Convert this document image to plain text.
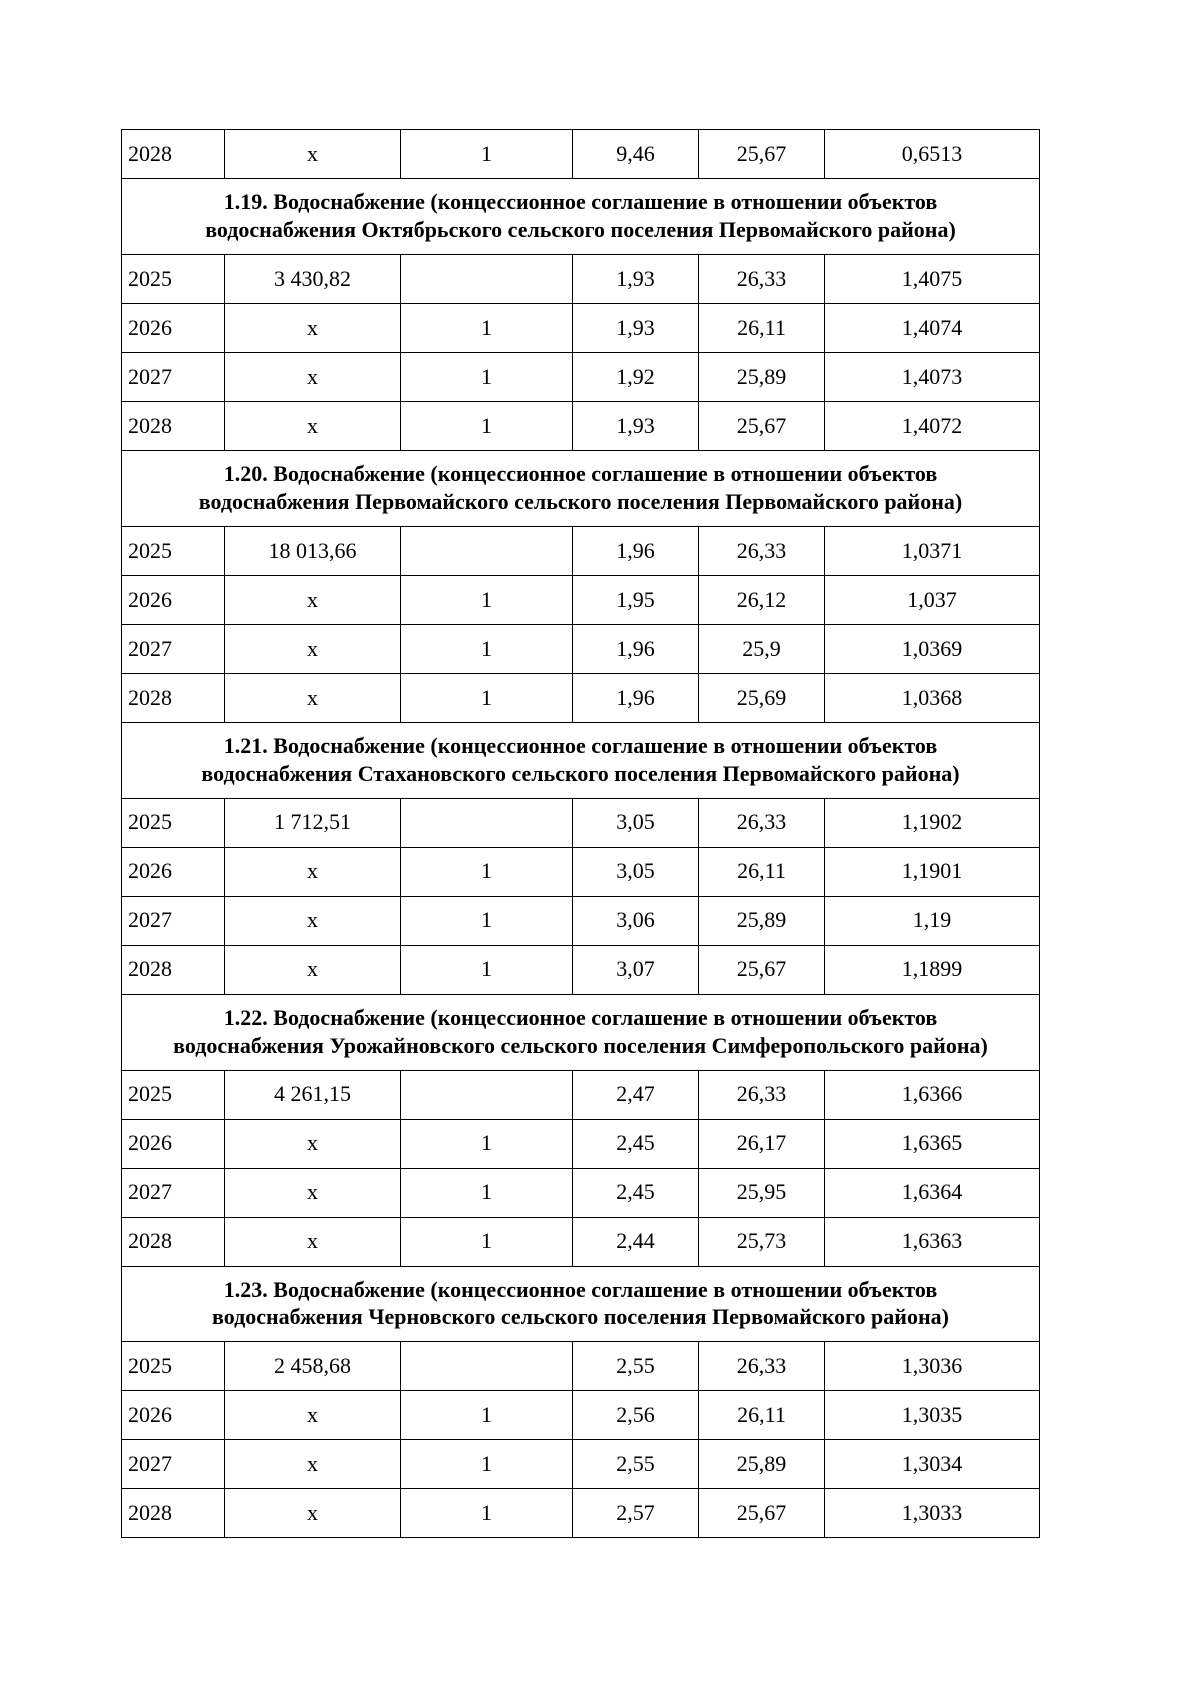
2028	х	1	9,46	25,67	0,6513
1.19. Водоснабжение (концессионное соглашение в отношении объектов водоснабжения Октябрьского сельского поселения Первомайского района)					
2025	3 430,82		1,93	26,33	1,4075
2026	х	1	1,93	26,11	1,4074
2027	х	1	1,92	25,89	1,4073
2028	х	1	1,93	25,67	1,4072
1.20. Водоснабжение (концессионное соглашение в отношении объектов водоснабжения Первомайского сельского поселения Первомайского района)					
2025	18 013,66		1,96	26,33	1,0371
2026	х	1	1,95	26,12	1,037
2027	х	1	1,96	25,9	1,0369
2028	х	1	1,96	25,69	1,0368
1.21. Водоснабжение (концессионное соглашение в отношении объектов водоснабжения Стахановского сельского поселения Первомайского района)					
2025	1 712,51		3,05	26,33	1,1902
2026	х	1	3,05	26,11	1,1901
2027	х	1	3,06	25,89	1,19
2028	х	1	3,07	25,67	1,1899
1.22. Водоснабжение (концессионное соглашение в отношении объектов водоснабжения Урожайновского сельского поселения Симферопольского района)					
2025	4 261,15		2,47	26,33	1,6366
2026	х	1	2,45	26,17	1,6365
2027	х	1	2,45	25,95	1,6364
2028	х	1	2,44	25,73	1,6363
1.23. Водоснабжение (концессионное соглашение в отношении объектов водоснабжения Черновского сельского поселения Первомайского района)					
2025	2 458,68		2,55	26,33	1,3036
2026	х	1	2,56	26,11	1,3035
2027	х	1	2,55	25,89	1,3034
2028	х	1	2,57	25,67	1,3033
